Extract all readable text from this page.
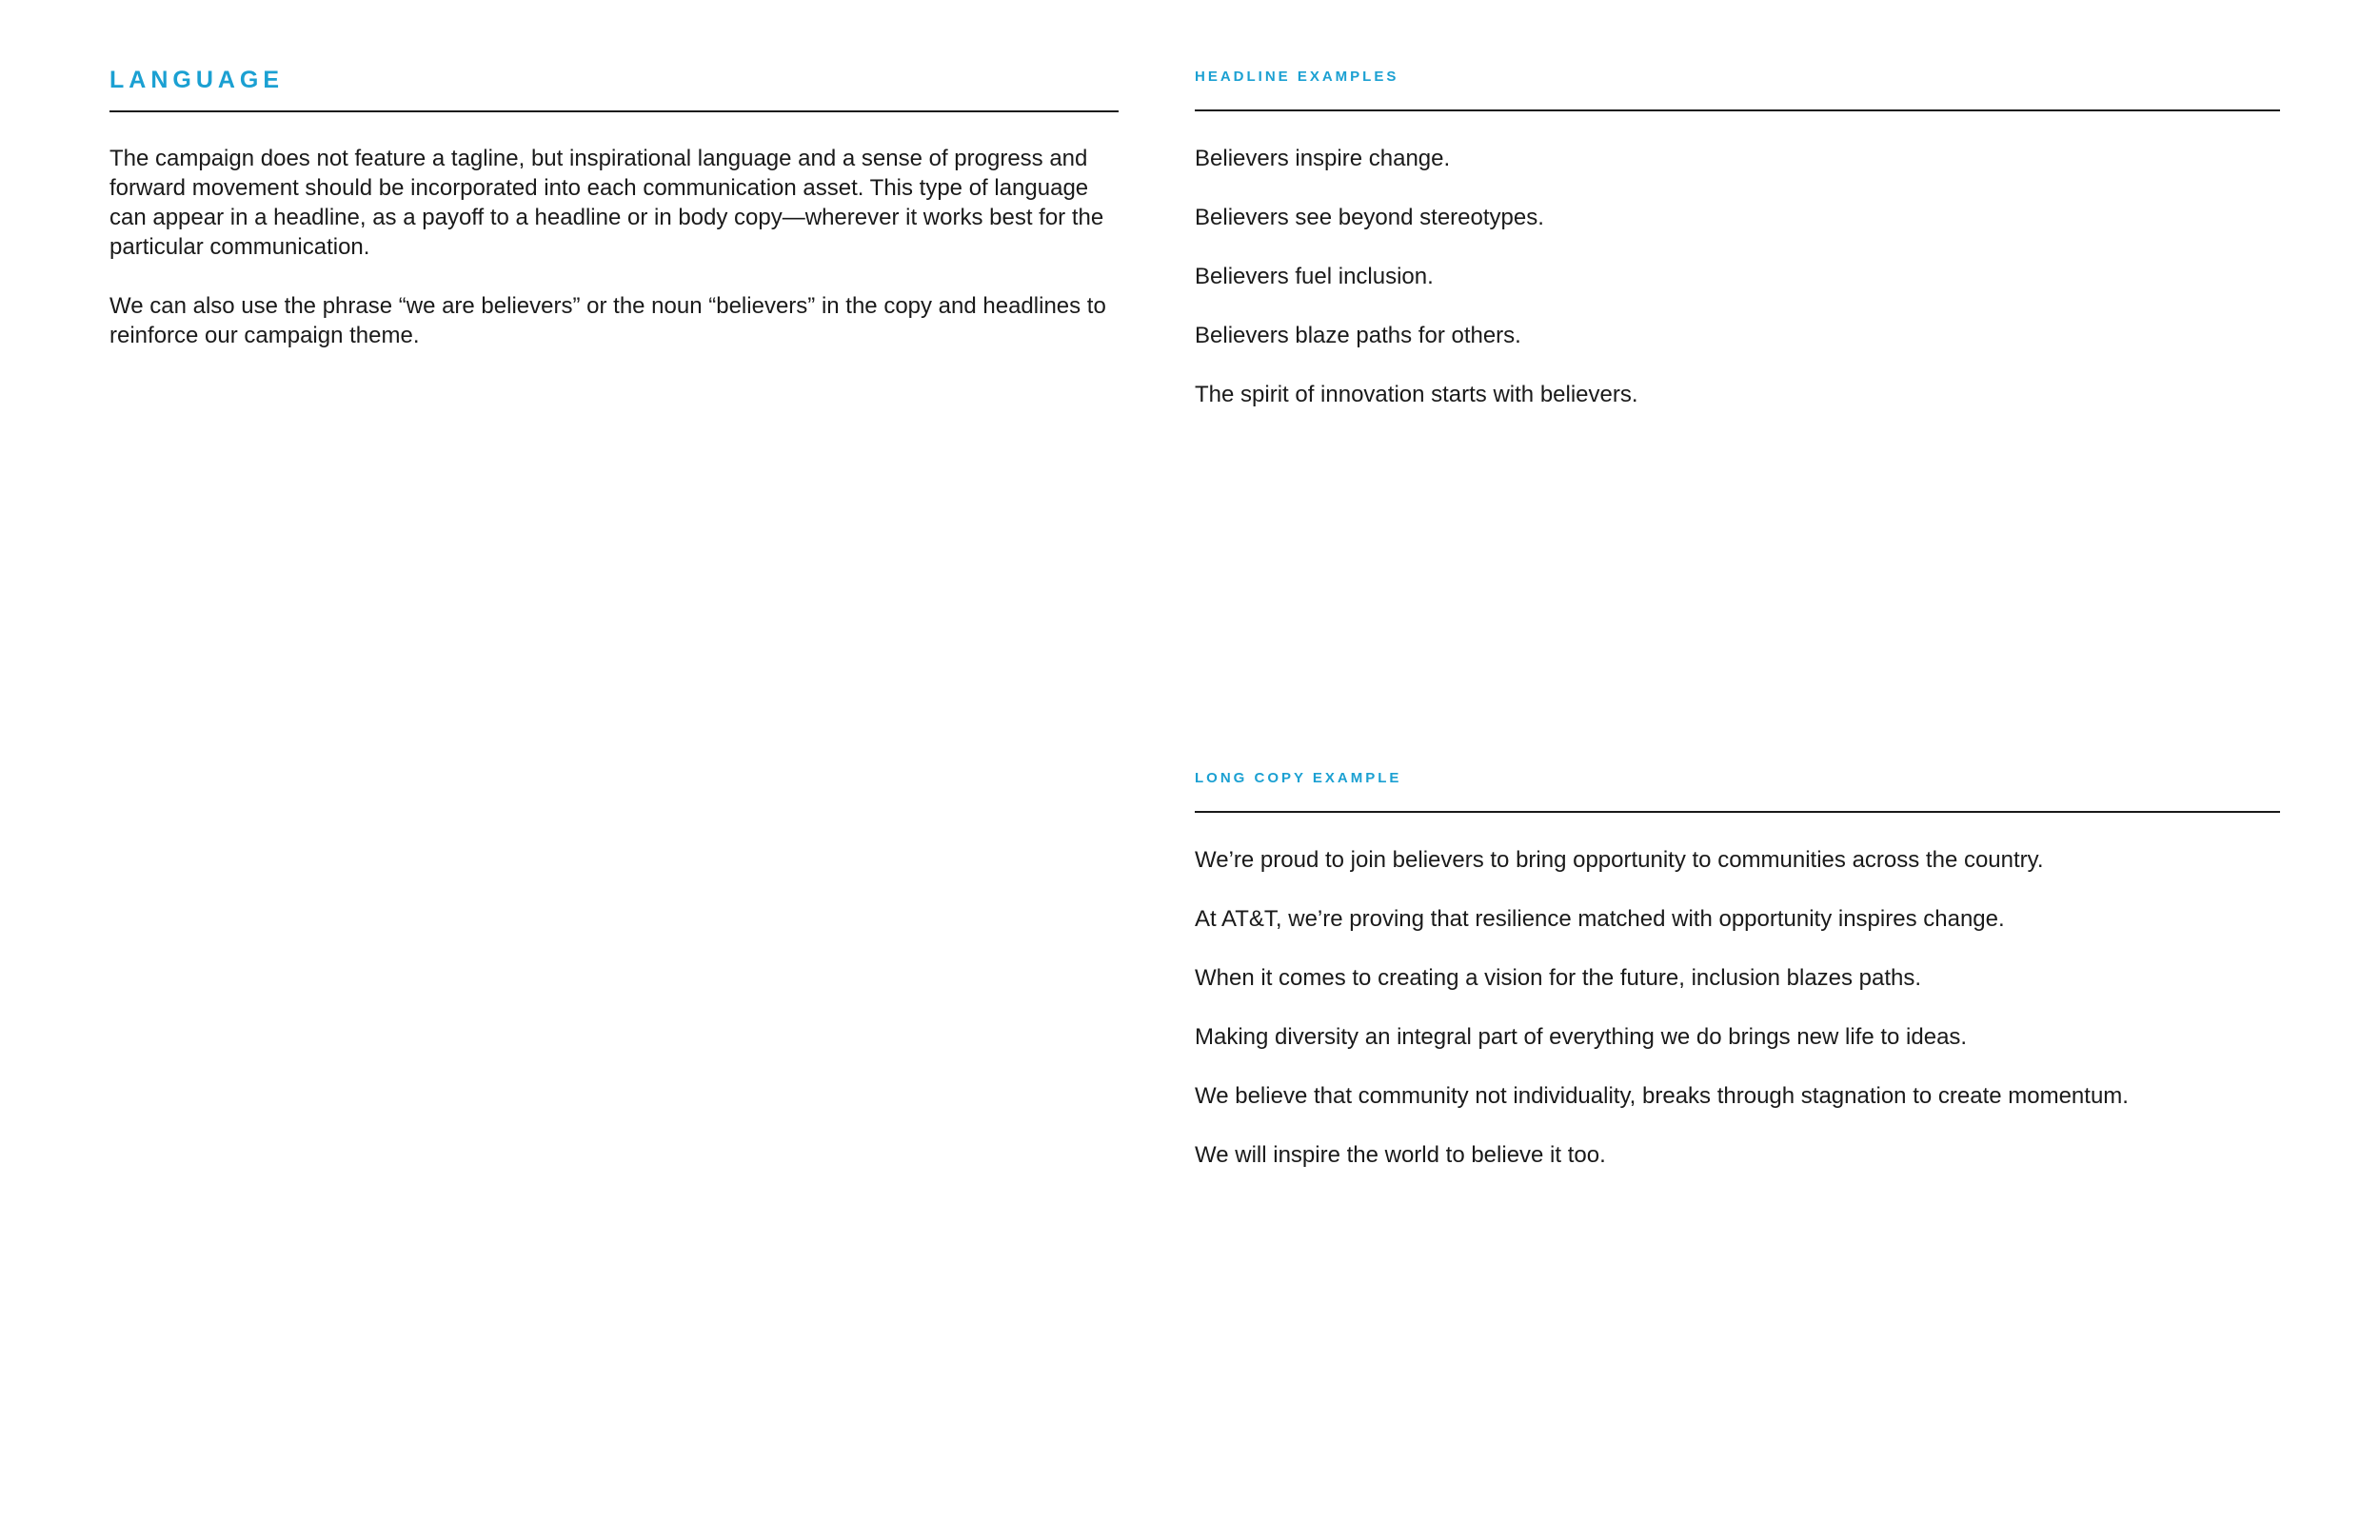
LANGUAGE

The campaign does not feature a tagline, but inspirational language and a sense of progress and forward movement should be incorporated into each communication asset. This type of language can appear in a headline, as a payoff to a headline or in body copy—wherever it works best for the particular communication.

We can also use the phrase “we are believers” or the noun “believers” in the copy and headlines to reinforce our campaign theme.

HEADLINE EXAMPLES
Believers inspire change.
Believers see beyond stereotypes.
Believers fuel inclusion.
Believers blaze paths for others.
The spirit of innovation starts with believers.
LONG COPY EXAMPLE
We’re proud to join believers to bring opportunity to communities across the country.
At AT&T, we’re proving that resilience matched with opportunity inspires change.
When it comes to creating a vision for the future, inclusion blazes paths.
Making diversity an integral part of everything we do brings new life to ideas.
We believe that community not individuality, breaks through stagnation to create momentum.
We will inspire the world to believe it too.
